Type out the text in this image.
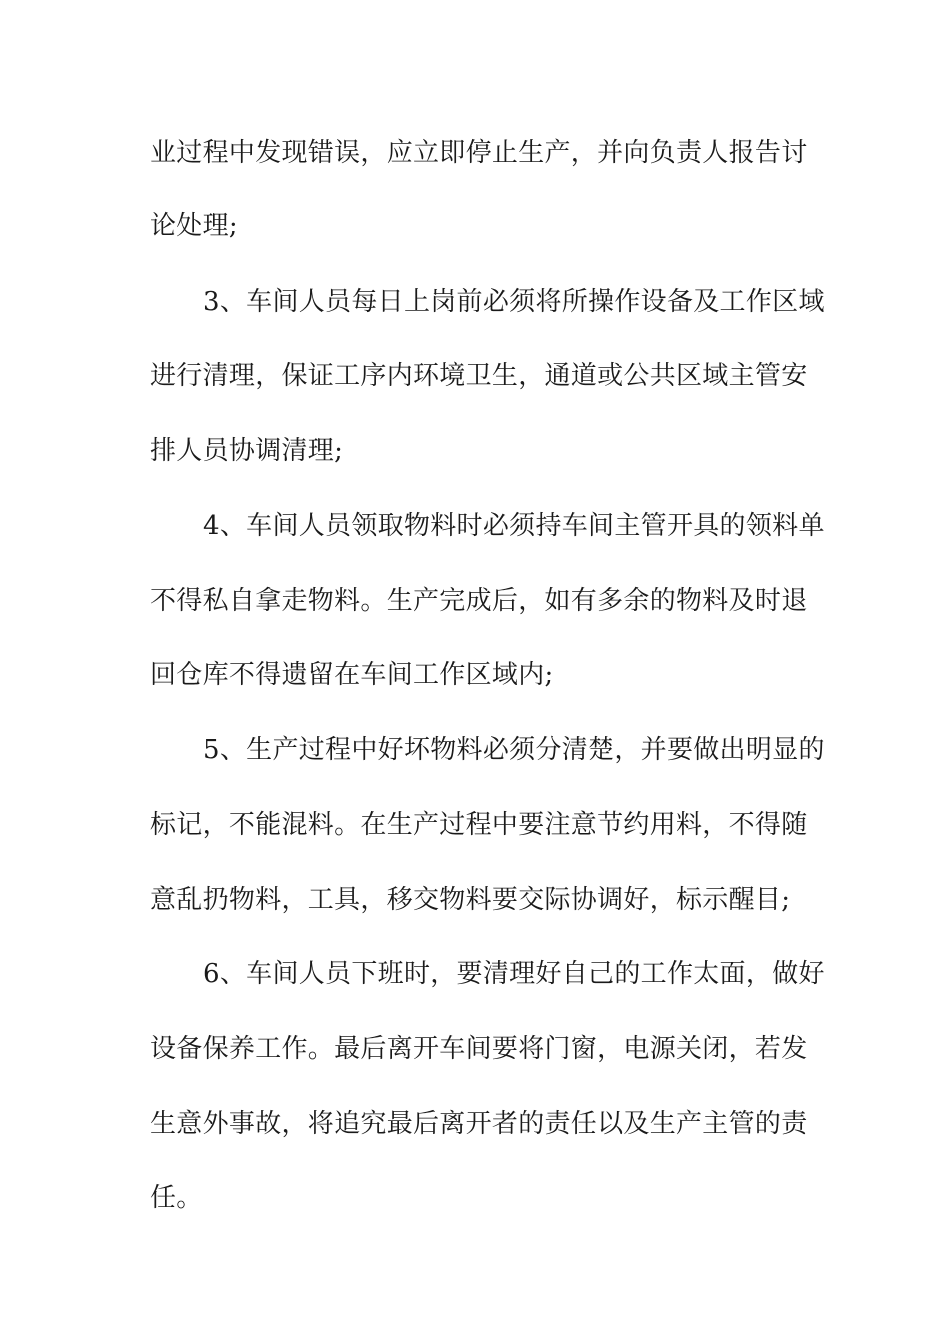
业过程中发现错误，应立即停止生产，并向负责人报告讨
论处理;
3、车间人员每日上岗前必须将所操作设备及工作区域
进行清理，保证工序内环境卫生，通道或公共区域主管安
排人员协调清理;
4、车间人员领取物料时必须持车间主管开具的领料单
不得私自拿走物料。生产完成后，如有多余的物料及时退
回仓库不得遗留在车间工作区域内;
5、生产过程中好坏物料必须分清楚，并要做出明显的
标记，不能混料。在生产过程中要注意节约用料，不得随
意乱扔物料，工具，移交物料要交际协调好，标示醒目;
6、车间人员下班时，要清理好自己的工作太面，做好
设备保养工作。最后离开车间要将门窗，电源关闭，若发
生意外事故，将追究最后离开者的责任以及生产主管的责
任。
